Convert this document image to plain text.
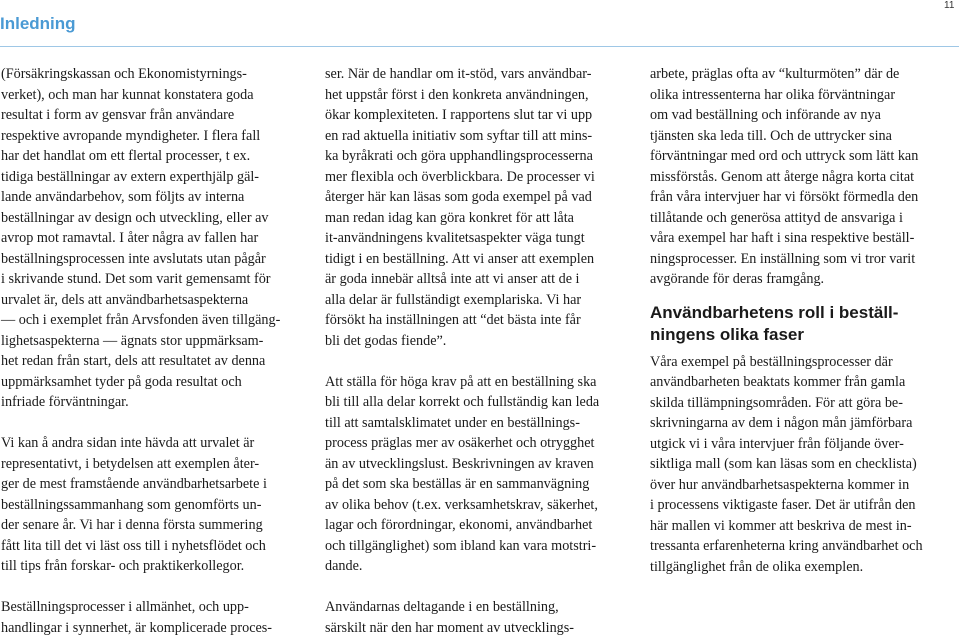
11
Inledning
(Försäkringskassan och Ekonomistyrnings-
verket), och man har kunnat konstatera goda
resultat i form av gensvar från användare
respektive avropande myndigheter. I flera fall
har det handlat om ett flertal processer, t ex.
tidiga beställningar av extern experthjälp gäl-
lande användarbehov, som följts av interna
beställningar av design och utveckling, eller av
avrop mot ramavtal. I åter några av fallen har
beställningsprocessen inte avslutats utan pågår
i skrivande stund. Det som varit gemensamt för
urvalet är, dels att användbarhetsaspekterna
— och i exemplet från Arvsfonden även tillgäng-
lighetsaspekterna — ägnats stor uppmärksam-
het redan från start, dels att resultatet av denna
uppmärksamhet tyder på goda resultat och
infriade förväntningar.
Vi kan å andra sidan inte hävda att urvalet är
representativt, i betydelsen att exemplen åter-
ger de mest framstående användbarhetsarbete i
beställningssammanhang som genomförts un-
der senare år. Vi har i denna första summering
fått lita till det vi läst oss till i nyhetsflödet och
till tips från forskar- och praktikerkollegor.
Beställningsprocesser i allmänhet, och upp-
handlingar i synnerhet, är komplicerade proces-
ser. När de handlar om it-stöd, vars användbar-
het uppstår först i den konkreta användningen,
ökar komplexiteten. I rapportens slut tar vi upp
en rad aktuella initiativ som syftar till att mins-
ka byråkrati och göra upphandlingsprocesserna
mer flexibla och överblickbara. De processer vi
återger här kan läsas som goda exempel på vad
man redan idag kan göra konkret för att låta
it-användningens kvalitetsaspekter väga tungt
tidigt i en beställning. Att vi anser att exemplen
är goda innebär alltså inte att vi anser att de i
alla delar är fullständigt exemplariska. Vi har
försökt ha inställningen att “det bästa inte får
bli det godas fiende”.
Att ställa för höga krav på att en beställning ska
bli till alla delar korrekt och fullständig kan leda
till att samtalsklimatet under en beställnings-
process präglas mer av osäkerhet och otrygghet
än av utvecklingslust. Beskrivningen av kraven
på det som ska beställas är en sammanvägning
av olika behov (t.ex. verksamhetskrav, säkerhet,
lagar och förordningar, ekonomi, användbarhet
och tillgänglighet) som ibland kan vara motstri-
dande.
Användarnas deltagande i en beställning,
särskilt när den har moment av utvecklings-
arbete, präglas ofta av “kulturmöten” där de
olika intressenterna har olika förväntningar
om vad beställning och införande av nya
tjänsten ska leda till. Och de uttrycker sina
förväntningar med ord och uttryck som lätt kan
missförstås. Genom att återge några korta citat
från våra intervjuer har vi försökt förmedla den
tillåtande och generösa attityd de ansvariga i
våra exempel har haft i sina respektive beställ-
ningsprocesser. En inställning som vi tror varit
avgörande för deras framgång.
Användbarhetens roll i beställ-
ningens olika faser
Våra exempel på beställningsprocesser där
användbarheten beaktats kommer från gamla
skilda tillämpningsområden. För att göra be-
skrivningarna av dem i någon mån jämförbara
utgick vi i våra intervjuer från följande över-
siktliga mall (som kan läsas som en checklista)
över hur användbarhetsaspekterna kommer in
i processens viktigaste faser. Det är utifrån den
här mallen vi kommer att beskriva de mest in-
tressanta erfarenheterna kring användbarhet och
tillgänglighet från de olika exemplen.
